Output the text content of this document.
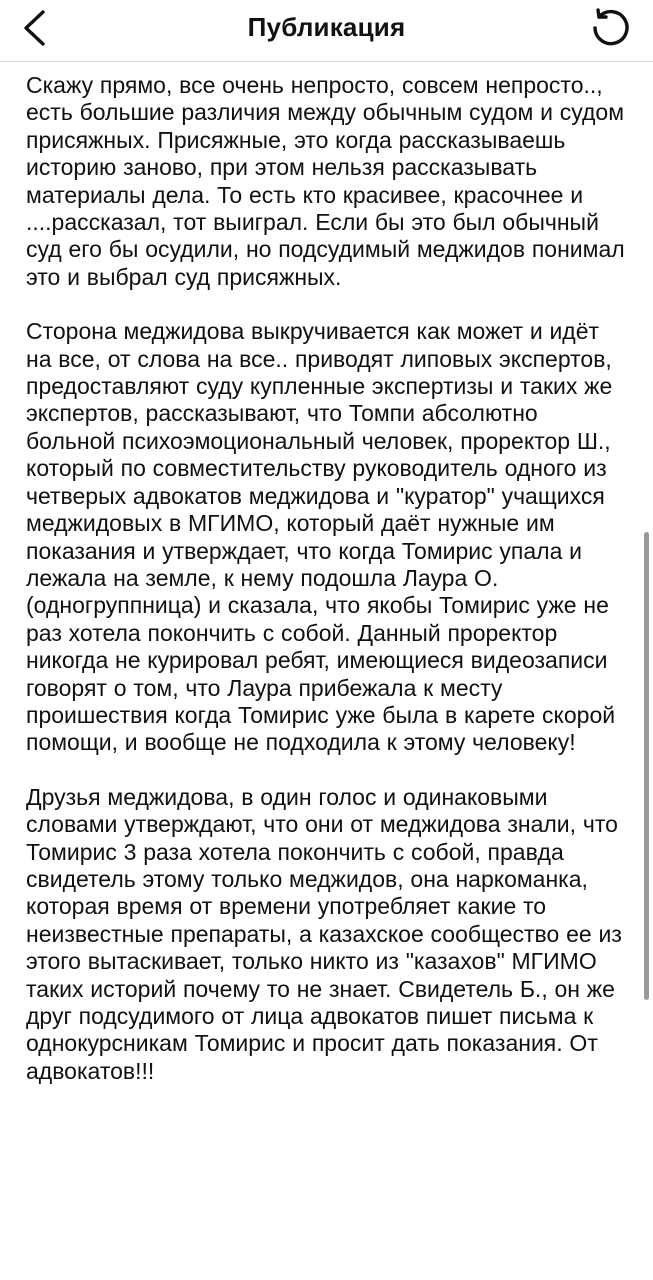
Публикация

Скажу прямо, все очень непросто, совсем непросто.., есть большие различия между обычным судом и судом присяжных. Присяжные, это когда рассказываешь историю заново, при этом нельзя рассказывать материалы дела. То есть кто красивее, красочнее и ....рассказал, тот выиграл. Если бы это был обычный суд его бы осудили, но подсудимый меджидов понимал это и выбрал суд присяжных.

Сторона меджидова выкручивается как может и идёт на все, от слова на все.. приводят липовых экспертов, предоставляют суду купленные экспертизы и таких же экспертов, рассказывают, что Томпи абсолютно больной психоэмоциональный человек, проректор Ш., который по совместительству руководитель одного из четверых адвокатов меджидова и "куратор" учащихся меджидовых в МГИМО, который даёт нужные им показания и утверждает, что когда Томирис упала и лежала на земле, к нему подошла Лаура О. (одногруппница) и сказала, что якобы Томирис уже не раз хотела покончить с собой. Данный проректор никогда не курировал ребят, имеющиеся видеозаписи говорят о том, что Лаура прибежала к месту проишествия когда Томирис уже была в карете скорой помощи, и вообще не подходила к этому человеку!

Друзья меджидова, в один голос и одинаковыми словами утверждают, что они от меджидова знали, что Томирис 3 раза хотела покончить с собой, правда свидетель этому только меджидов, она наркоманка, которая время от времени употребляет какие то неизвестные препараты, а казахское сообщество ее из этого вытаскивает, только никто из "казахов" МГИМО таких историй почему то не знает. Свидетель Б., он же друг подсудимого от лица адвокатов пишет письма к однокурсникам Томирис и просит дать показания. От адвокатов!!!
